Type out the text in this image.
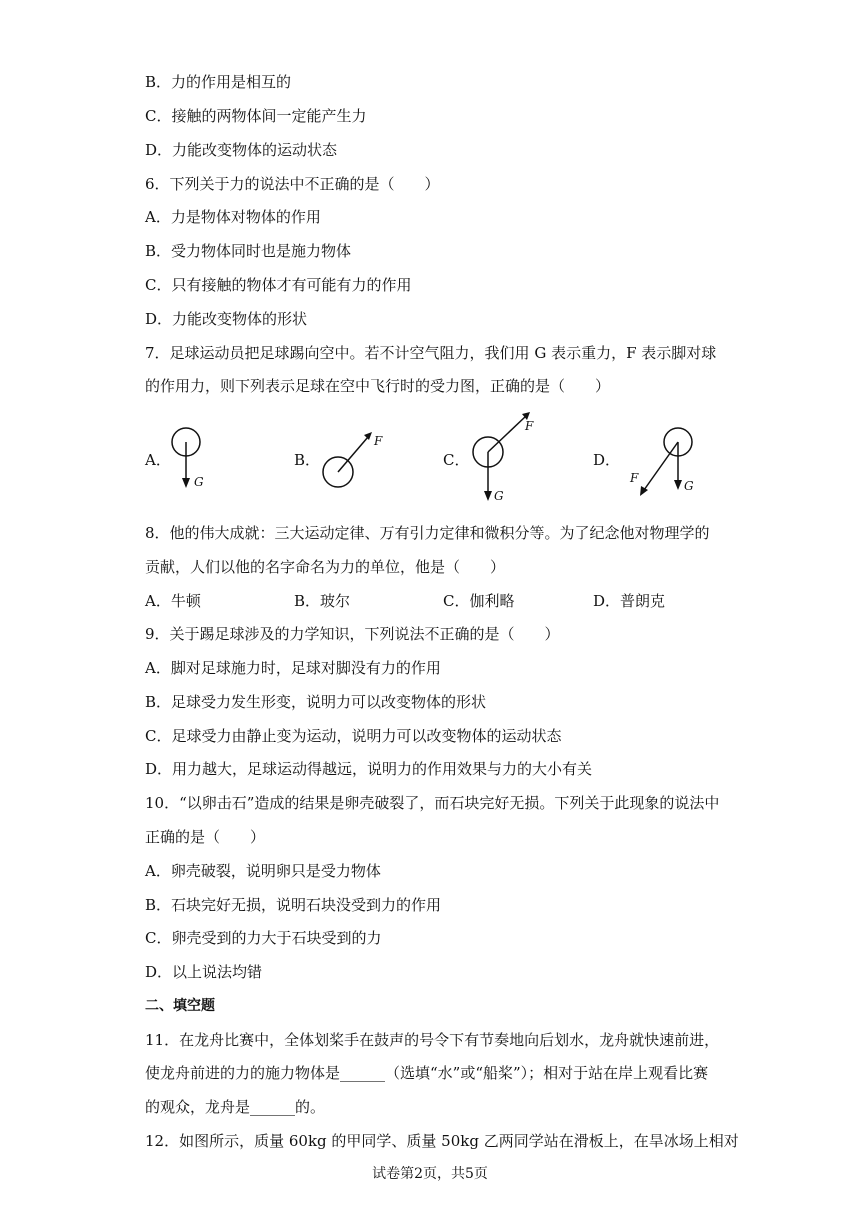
B．力的作用是相互的
C．接触的两物体间一定能产生力
D．力能改变物体的运动状态
6．下列关于力的说法中不正确的是（　　）
A．力是物体对物体的作用
B．受力物体同时也是施力物体
C．只有接触的物体才有可能有力的作用
D．力能改变物体的形状
7．足球运动员把足球踢向空中。若不计空气阻力，我们用 G 表示重力，F 表示脚对球
的作用力，则下列表示足球在空中飞行时的受力图，正确的是（　　）
A．
G
B．
F
C．
F
G
D．
F
G
8．他的伟大成就：三大运动定律、万有引力定律和微积分等。为了纪念他对物理学的
贡献，人们以他的名字命名为力的单位，他是（　　）
A．牛顿	B．玻尔	C．伽利略	D．普朗克
9．关于踢足球涉及的力学知识，下列说法不正确的是（　　）
A．脚对足球施力时，足球对脚没有力的作用
B．足球受力发生形变，说明力可以改变物体的形状
C．足球受力由静止变为运动，说明力可以改变物体的运动状态
D．用力越大，足球运动得越远，说明力的作用效果与力的大小有关
10．“以卵击石”造成的结果是卵壳破裂了，而石块完好无损。下列关于此现象的说法中
正确的是（　　）
A．卵壳破裂，说明卵只是受力物体
B．石块完好无损，说明石块没受到力的作用
C．卵壳受到的力大于石块受到的力
D．以上说法均错
二、填空题
11．在龙舟比赛中，全体划桨手在鼓声的号令下有节奏地向后划水，龙舟就快速前进，
使龙舟前进的力的施力物体是______（选填“水”或“船桨”）；相对于站在岸上观看比赛
的观众，龙舟是______的。
12．如图所示，质量 60kg 的甲同学、质量 50kg 乙两同学站在滑板上，在旱冰场上相对
试卷第2页，共5页
